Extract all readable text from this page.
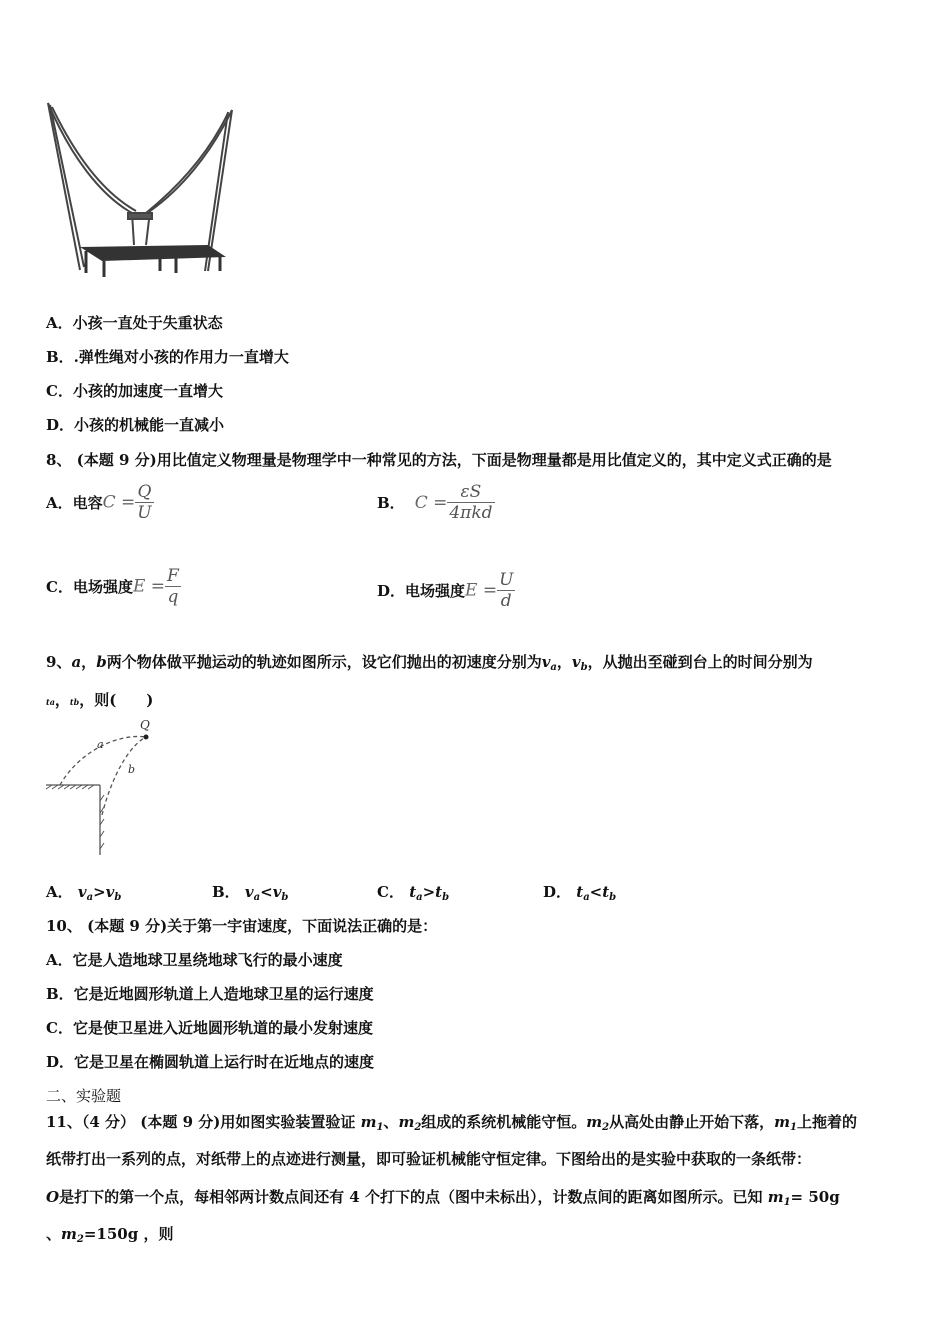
A．小孩一直处于失重状态
B．.弹性绳对小孩的作用力一直增大
C．小孩的加速度一直增大
D．小孩的机械能一直减小
8、 (本题 9 分)用比值定义物理量是物理学中一种常见的方法，下面是物理量都是用比值定义的，其中定义式正确的是
A．电容$C = \frac{Q}{U}$	B． $C = \frac{\varepsilon S}{\text{4πkd}}$
C．电场强度$E = \frac{F}{q}$	D．电场强度$E = \frac{U}{d}$
9、a，b两个物体做平抛运动的轨迹如图所示，设它们抛出的初速度分别为$v_a$，$v_b$，从抛出至碰到台上的时间分别为
ta，tb，则(　　)
Q
a
b
A． $v_a>v_b$	B． $v_a<v_b$	C． $t_a>t_b$	D． $t_a<t_b$
10、 (本题 9 分)关于第一宇宙速度，下面说法正确的是：
A．它是人造地球卫星绕地球飞行的最小速度
B．它是近地圆形轨道上人造地球卫星的运行速度
C．它是使卫星进入近地圆形轨道的最小发射速度
D．它是卫星在椭圆轨道上运行时在近地点的速度
二、实验题
11、（4 分） (本题 9 分)用如图实验装置验证 $m_1$、$m_2$组成的系统机械能守恒。$m_2$从高处由静止开始下落，$m_1$上拖着的
纸带打出一系列的点，对纸带上的点迹进行测量，即可验证机械能守恒定律。下图给出的是实验中获取的一条纸带：
O是打下的第一个点，每相邻两计数点间还有 4 个打下的点（图中未标出），计数点间的距离如图所示。已知 $m_1= 50g$
、$m_2=150g$ ，则
